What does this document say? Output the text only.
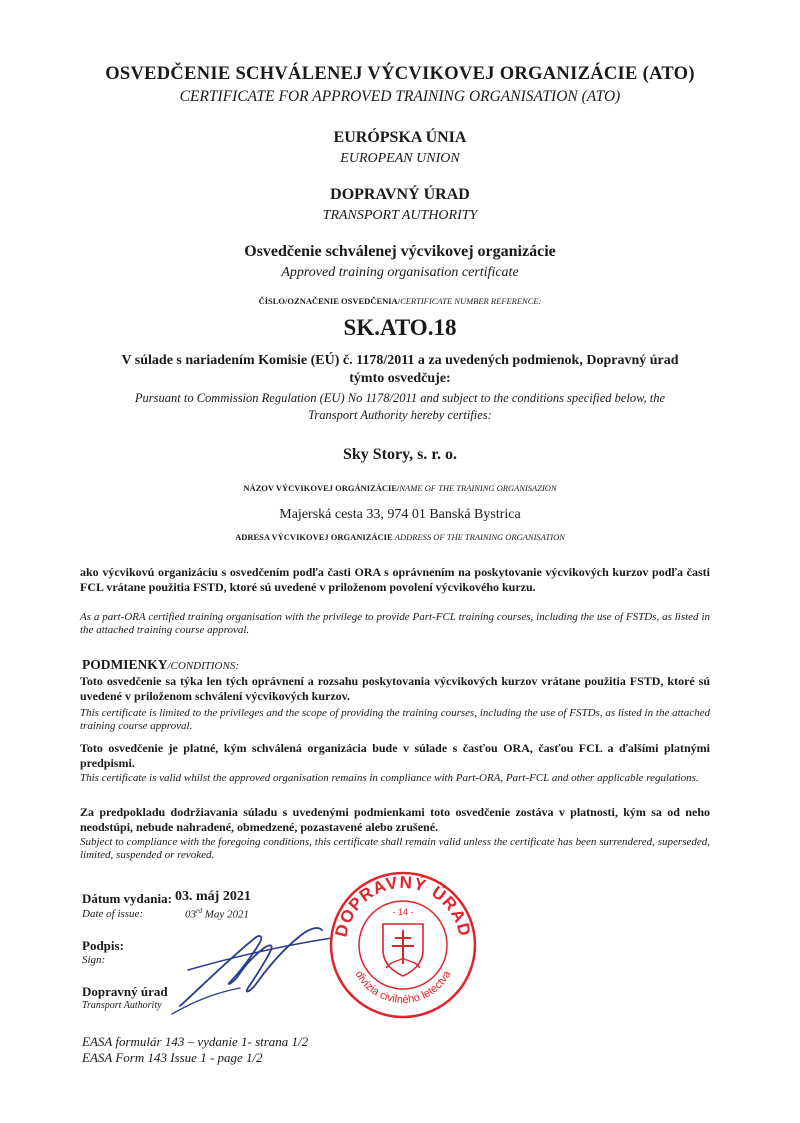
OSVEDČENIE SCHVÁLENEJ VÝCVIKOVEJ ORGANIZÁCIE (ATO)
CERTIFICATE FOR APPROVED TRAINING ORGANISATION (ATO)
EURÓPSKA ÚNIA
EUROPEAN UNION
DOPRAVNÝ ÚRAD
TRANSPORT AUTHORITY
Osvedčenie schválenej výcvikovej organizácie
Approved training organisation certificate
ČÍSLO/OZNAČENIE OSVEDČENIA/CERTIFICATE NUMBER REFERENCE:
SK.ATO.18
V súlade s nariadením Komisie (EÚ) č. 1178/2011 a za uvedených podmienok, Dopravný úrad
týmto osvedčuje:
Pursuant to Commission Regulation (EU) No 1178/2011 and subject to the conditions specified below, the
Transport Authority hereby certifies:
Sky Story, s. r. o.
NÁZOV VÝCVIKOVEJ ORGÁNIZÁCIE/NAME OF THE TRAINING ORGANISAZION
Majerská cesta 33, 974 01 Banská Bystrica
ADRESA VÝCVIKOVEJ ORGANIZÁCIE ADDRESS OF THE TRAINING ORGANISATION
ako výcvikovú organizáciu s osvedčením podľa časti ORA s oprávnením na poskytovanie výcvikových kurzov podľa časti FCL vrátane použitia FSTD, ktoré sú uvedené v priloženom povolení výcvikového kurzu.
As a part-ORA certified training organisation with the privilege to provide Part-FCL training courses, including the use of FSTDs, as listed in the attached training course approval.
PODMIENKY/CONDITIONS:
Toto osvedčenie sa týka len tých oprávnení a rozsahu poskytovania výcvikových kurzov vrátane použitia FSTD, ktoré sú uvedené v priloženom schválení výcvikových kurzov.
This certificate is limited to the privileges and the scope of providing the training courses, including the use of FSTDs, as listed in the attached training course approval.
Toto osvedčenie je platné, kým schválená organizácia bude v súlade s časťou ORA, časťou FCL a ďalšími platnými predpismi.
This certificate is valid whilst the approved organisation remains in compliance with Part-ORA, Part-FCL and other applicable regulations.
Za predpokladu dodržiavania súladu s uvedenými podmienkami toto osvedčenie zostáva v platnosti, kým sa od neho neodstúpi, nebude nahradené, obmedzené, pozastavené alebo zrušené.
Subject to compliance with the foregoing conditions, this certificate shall remain valid unless the certificate has been surrendered, superseded, limited, suspended or revoked.
Dátum vydania: 03. máj 2021
Date of issue:	03rd May 2021
Podpis:
Sign:
Dopravný úrad
Transport Authority
DOPRAVNÝ ÚRAD
divízia civilného letectva
- 14 -
EASA formulár 143 – vydanie 1- strana 1/2
EASA Form 143 Issue 1 - page 1/2
